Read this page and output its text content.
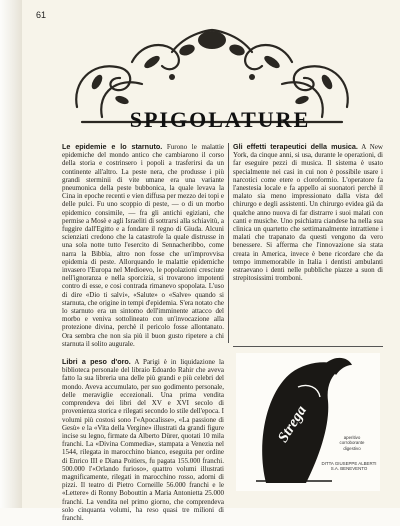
61
SPIGOLATURE

Le epidemie e lo starnuto. Furono le malattie epidemiche del mondo antico che cambiarono il corso della storia e costrinsero i popoli a trasferirsi da un continente all'altro. La peste nera, che produsse i più grandi sterminii di vite umane era una variante pneumonica della peste bubbonica, la quale levava la Cina in epoche recenti e vien diffusa per mezzo dei topi e delle pulci. Fu uno scoppio di peste, — o di un morbo epidemico consimile, — fra gli antichi egiziani, che permise a Mosè e agli Israeliti di sottrarsi alla schiavitù, a fuggire dall'Egitto e a fondare il regno di Giuda. Alcuni scienziati credono che la catastrofe la quale distrusse in una sola notte tutto l'esercito di Sennacheribbo, come narra la Bibbia, altro non fosse che un'improvvisa epidemia di peste. Allorquando le malattie epidemiche invasero l'Europa nel Medioevo, le popolazioni cresciute nell'ignoranza e nella sporcizia, si trovarono impotenti contro di esse, e cosi contrada rimanevo spopolata. L'uso di dire «Dio ti salvi», «Salute» o «Salve» quando si starnuta, che origine in tempi d'epidemia. S'era notato che lo starnuto era un sintomo dell'imminente attacco del morbo e veniva sottolineato con un'invocazione alla protezione divina, perchè il pericolo fosse allontanato. Ora sembra che non sia più il buon gusto ripetere a chi starnuta il solito augurale.

Libri a peso d'oro. A Parigi è in liquidazione la biblioteca personale del libraio Edoardo Rahir che aveva fatto la sua libreria una delle più grandi e più celebri del mondo. Aveva accumulato, per suo godimento personale, delle meraviglie eccezionali. Una prima vendita comprendeva dei libri del XV e XVI secolo di provenienza storica e rilegati secondo lo stile dell'epoca. I volumi più costosi sono l'«Apocalisse», «La passione di Gesù» e la «Vita della Vergine» illustrati da grandi figure incise su legno, firmate da Alberto Dürer, quotati 10 mila franchi. La «Divina Commedia», stampata a Venezia nel 1544, rilegata in marocchino bianco, eseguita per ordine di Enrico III e Diana Poitiers, fu pagata 155.000 franchi. 500.000 l'«Orlando furioso», quattro volumi illustrati magnificamente, rilegati in marocchino rosso, adorni di pizzi. Il teatro di Pietro Corneille 56.000 franchi e le «Lettere» di Ronny Bobouttin a Maria Antonietta 25.000 franchi. La vendita nel primo giorno, che comprendeva solo cinquanta volumi, ha reso quasi tre milioni di franchi.

Gli effetti terapeutici della musica. A New York, da cinque anni, si usa, durante le operazioni, di far eseguire pezzi di musica. Il sistema è usato specialmente nei casi in cui non è possibile usare i narcotici come etere o cloroformio. L'operatore fa l'anestesia locale e fa appello ai suonatori perchè il malato sia meno impressionato dalla vista del chirurgo e degli assistenti. Un chirurgo evidea già da qualche anno nuova di far distrarre i suoi malati con canti e musiche. Uno psichiatra ciandese ha nella sua clinica un quartetto che settimanalmente intrattiene i malati che trapanato da questi vengono da vero benessere. Si afferma che l'innovazione sia stata creata in America, invece è bene ricordare che da tempo immemorabile in Italia i dentisti ambulanti estraevano i denti nelle pubbliche piazze a suon di strepitosissimi tromboni.

Strega	aperitivo
corroborante
digestivo
DITTA GIUSEPPE ALBERTI
S.A. BENEVENTO
